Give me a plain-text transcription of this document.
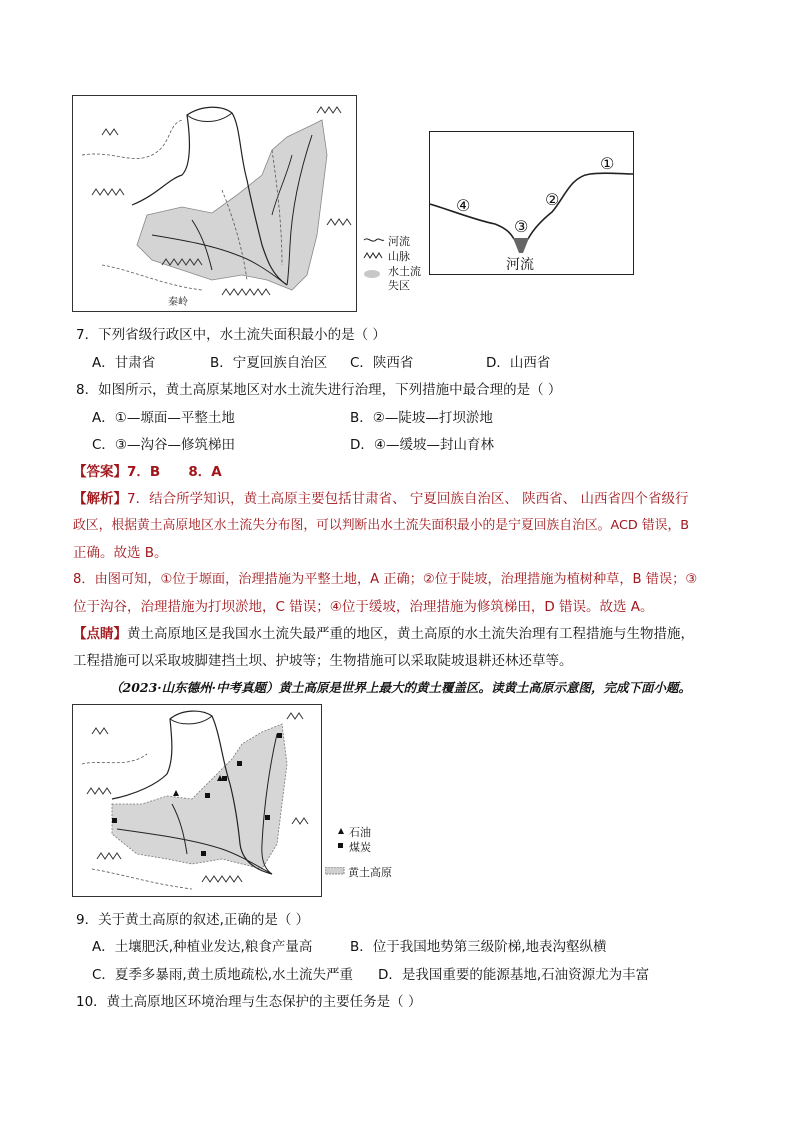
秦岭
河流
山脉
水土流
失区
①
②
③
④
河流
7．下列省级行政区中，水土流失面积最小的是（ ）
A．甘肃省	B．宁夏回族自治区 C．陕西省	D．山西省
8．如图所示，黄土高原某地区对水土流失进行治理，下列措施中最合理的是（ ）
A．①—塬面—平整土地	B．②—陡坡—打坝淤地
C．③—沟谷—修筑梯田	D．④—缓坡—封山育林
【答案】7．B      8．A
【解析】7．结合所学知识，黄土高原主要包括甘肃省、 宁夏回族自治区、 陕西省、 山西省四个省级行
政区，根据黄土高原地区水土流失分布图，可以判断出水土流失面积最小的是宁夏回族自治区。ACD 错误，B
正确。故选 B。
8．由图可知，①位于塬面，治理措施为平整土地，A 正确；②位于陡坡，治理措施为植树种草，B 错误；③
位于沟谷，治理措施为打坝淤地，C 错误；④位于缓坡，治理措施为修筑梯田，D 错误。故选 A。
【点睛】黄土高原地区是我国水土流失最严重的地区，黄土高原的水土流失治理有工程措施与生物措施，
工程措施可以采取坡脚建挡土坝、护坡等；生物措施可以采取陡坡退耕还林还草等。
（2023·山东德州·中考真题）黄土高原是世界上最大的黄土覆盖区。读黄土高原示意图，完成下面小题。
石油
煤炭
黄土高原
9．关于黄土高原的叙述,正确的是（ ）
A．土壤肥沃,种植业发达,粮食产量高	B．位于我国地势第三级阶梯,地表沟壑纵横
C．夏季多暴雨,黄土质地疏松,水土流失严重 D．是我国重要的能源基地,石油资源尤为丰富
10．黄土高原地区环境治理与生态保护的主要任务是（ ）
